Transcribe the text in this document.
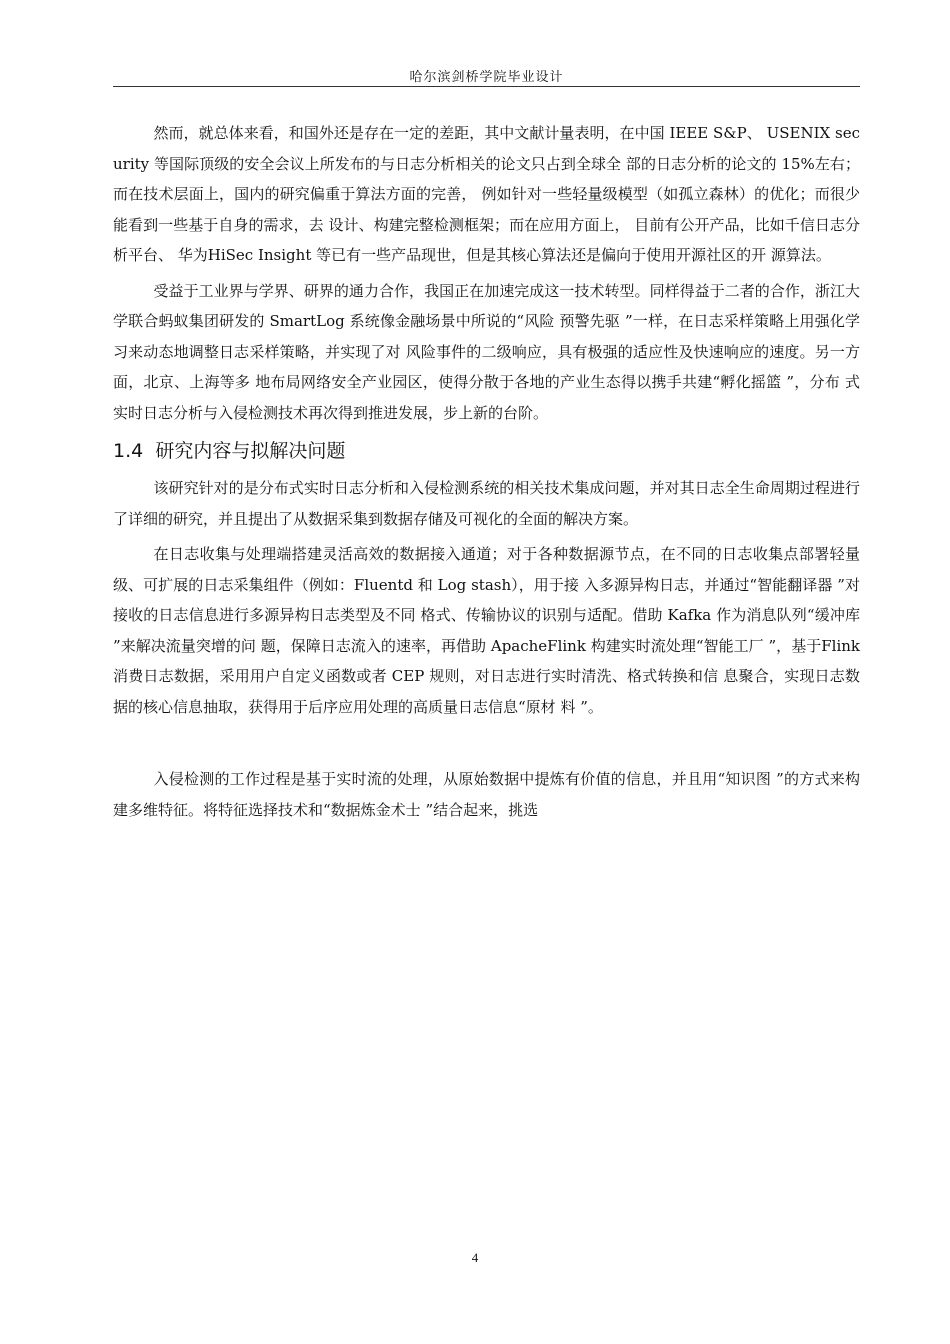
哈尔滨剑桥学院毕业设计

然而，就总体来看，和国外还是存在一定的差距，其中文献计量表明，在中国 IEEE S&P、 USENIX security 等国际顶级的安全会议上所发布的与日志分析相关的论文只占到全球全 部的日志分析的论文的 15%左右；而在技术层面上，国内的研究偏重于算法方面的完善， 例如针对一些轻量级模型（如孤立森林）的优化；而很少能看到一些基于自身的需求，去 设计、构建完整检测框架；而在应用方面上， 目前有公开产品，比如千信日志分析平台、 华为HiSec Insight 等已有一些产品现世，但是其核心算法还是偏向于使用开源社区的开 源算法。

受益于工业界与学界、研界的通力合作，我国正在加速完成这一技术转型。同样得益于二者的合作，浙江大学联合蚂蚁集团研发的 SmartLog 系统像金融场景中所说的“风险 预警先驱 ”一样，在日志采样策略上用强化学习来动态地调整日志采样策略，并实现了对 风险事件的二级响应，具有极强的适应性及快速响应的速度。另一方面，北京、上海等多 地布局网络安全产业园区，使得分散于各地的产业生态得以携手共建“孵化摇篮 ”，分布 式实时日志分析与入侵检测技术再次得到推进发展，步上新的台阶。

1.4 研究内容与拟解决问题

该研究针对的是分布式实时日志分析和入侵检测系统的相关技术集成问题，并对其日志全生命周期过程进行了详细的研究，并且提出了从数据采集到数据存储及可视化的全面的解决方案。

在日志收集与处理端搭建灵活高效的数据接入通道；对于各种数据源节点，在不同的日志收集点部署轻量级、可扩展的日志采集组件（例如：Fluentd 和 Log stash），用于接 入多源异构日志，并通过“智能翻译器 ”对接收的日志信息进行多源异构日志类型及不同 格式、传输协议的识别与适配。借助 Kafka 作为消息队列“缓冲库 ”来解决流量突增的问 题，保障日志流入的速率，再借助 ApacheFlink 构建实时流处理“智能工厂 ”，基于Flink 消费日志数据，采用用户自定义函数或者 CEP 规则，对日志进行实时清洗、格式转换和信 息聚合，实现日志数据的核心信息抽取，获得用于后序应用处理的高质量日志信息“原材 料 ”。

入侵检测的工作过程是基于实时流的处理，从原始数据中提炼有价值的信息，并且用“知识图 ”的方式来构建多维特征。将特征选择技术和“数据炼金术士 ”结合起来，挑选

4
